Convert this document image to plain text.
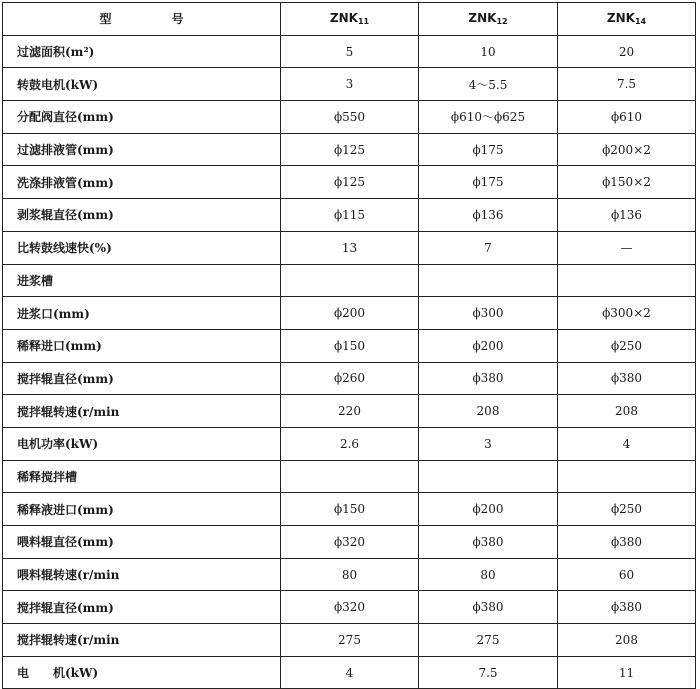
型 号	$ZNK_{11}$	$ZNK_{12}$	$ZNK_{14}$
过滤面积(m²)	5	10	20
转鼓电机(kW)	3	4～5.5	7.5
分配阀直径(mm)	ϕ550	ϕ610～ϕ625	ϕ610
过滤排液管(mm)	ϕ125	ϕ175	ϕ200×2
洗涤排液管(mm)	ϕ125	ϕ175	ϕ150×2
剥浆辊直径(mm)	ϕ115	ϕ136	ϕ136
比转鼓线速快(%)	13	7	—
进浆槽			
进浆口(mm)	ϕ200	ϕ300	ϕ300×2
稀释进口(mm)	ϕ150	ϕ200	ϕ250
搅拌辊直径(mm)	ϕ260	ϕ380	ϕ380
搅拌辊转速(r/min	220	208	208
电机功率(kW)	2.6	3	4
稀释搅拌槽			
稀释液进口(mm)	ϕ150	ϕ200	ϕ250
喂料辊直径(mm)	ϕ320	ϕ380	ϕ380
喂料辊转速(r/min	80	80	60
搅拌辊直径(mm)	ϕ320	ϕ380	ϕ380
搅拌辊转速(r/min	275	275	208
电　　机(kW)	4	7.5	11
